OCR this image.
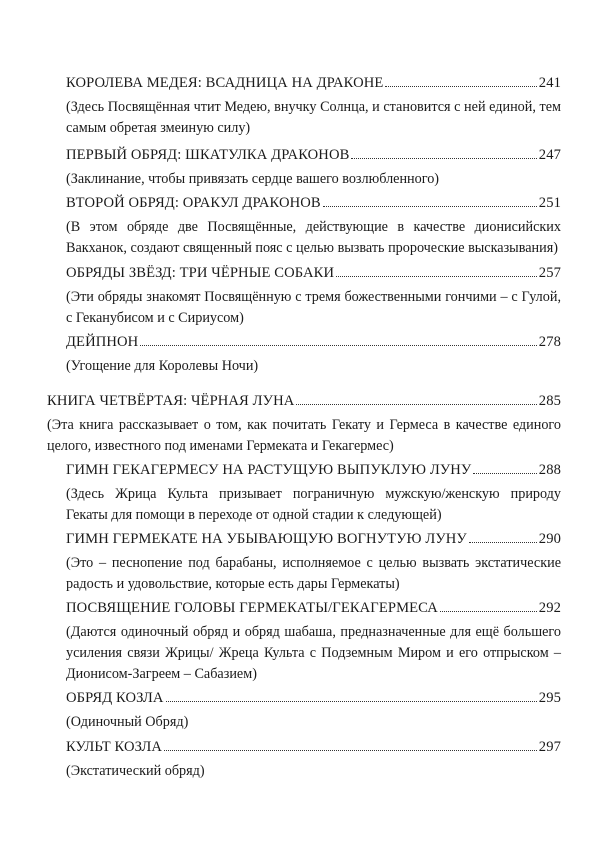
КОРОЛЕВА МЕДЕЯ: ВСАДНИЦА НА ДРАКОНЕ	241
(Здесь Посвящённая чтит Медею, внучку Солнца, и становится с ней единой, тем самым обретая змеиную силу)
ПЕРВЫЙ ОБРЯД: ШКАТУЛКА ДРАКОНОВ	247
(Заклинание, чтобы привязать сердце вашего возлюбленного)
ВТОРОЙ ОБРЯД: ОРАКУЛ ДРАКОНОВ	251
(В этом обряде две Посвящённые, действующие в качестве дионисийских Вакханок, создают священный пояс с целью вызвать пророческие высказывания)
ОБРЯДЫ ЗВЁЗД: ТРИ ЧЁРНЫЕ СОБАКИ	257
(Эти обряды знакомят Посвящённую с тремя божественными гончими – с Гулой, с Геканубисом и с Сириусом)
ДЕЙПНОН	278
(Угощение для Королевы Ночи)
КНИГА ЧЕТВЁРТАЯ: ЧЁРНАЯ ЛУНА	285
(Эта книга рассказывает о том, как почитать Гекату и Гермеса в качестве единого целого, известного под именами Гермеката и Гекагермес)
ГИМН ГЕКАГЕРМЕСУ НА РАСТУЩУЮ ВЫПУКЛУЮ ЛУНУ	288
(Здесь Жрица Культа призывает пограничную мужскую/женскую природу Гекаты для помощи в переходе от одной стадии к следующей)
ГИМН ГЕРМЕКАТЕ НА УБЫВАЮЩУЮ ВОГНУТУЮ ЛУНУ	290
(Это – песнопение под барабаны, исполняемое с целью вызвать экстатические радость и удовольствие, которые есть дары Гермекаты)
ПОСВЯЩЕНИЕ ГОЛОВЫ ГЕРМЕКАТЫ/ГЕКАГЕРМЕСА	292
(Даются одиночный обряд и обряд шабаша, предназначенные для ещё большего усиления связи Жрицы/ Жреца Культа с Подземным Миром и его отпрыском – Дионисом-Загреем – Сабазием)
ОБРЯД КОЗЛА	295
(Одиночный Обряд)
КУЛЬТ КОЗЛА	297
(Экстатический обряд)
